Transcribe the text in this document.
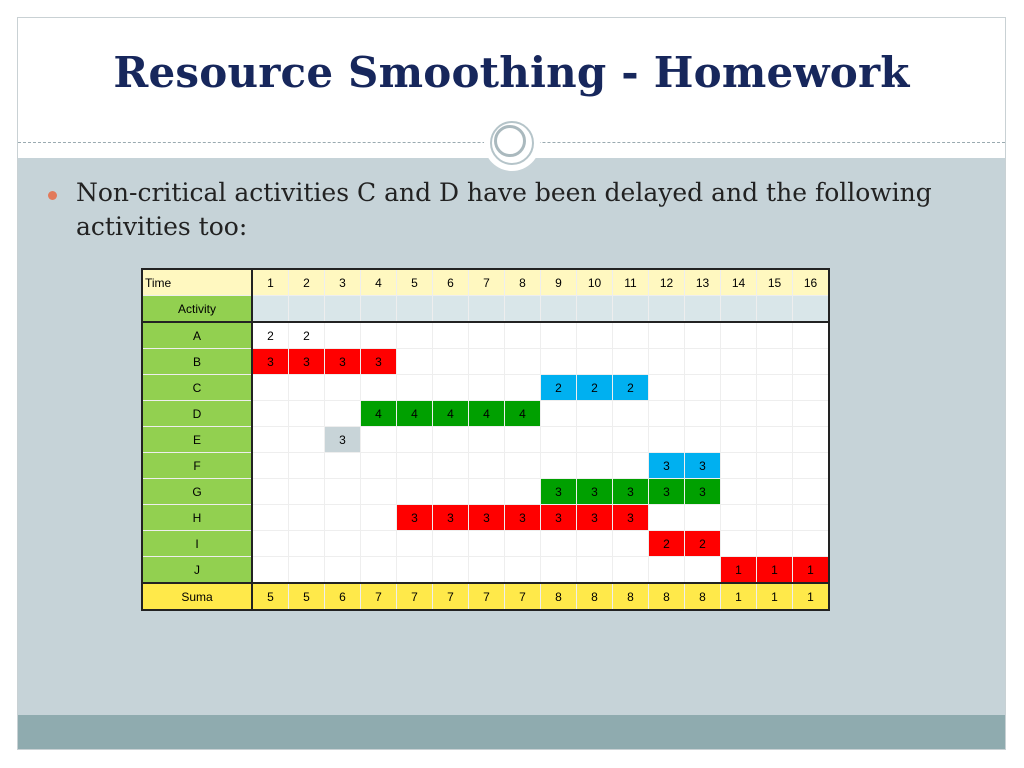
Resource Smoothing - Homework
Non-critical activities C and D have been delayed and the following activities too:
Time	1	2	3	4	5	6	7	8	9	10	11	12	13	14	15	16
Activity																
A	2	2														
B	3	3	3	3												
C									2	2	2					
D				4	4	4	4	4								
E			3													
F												3	3			
G									3	3	3	3	3			
H					3	3	3	3	3	3	3					
I												2	2			
J														1	1	1
Suma	5	5	6	7	7	7	7	7	8	8	8	8	8	1	1	1
